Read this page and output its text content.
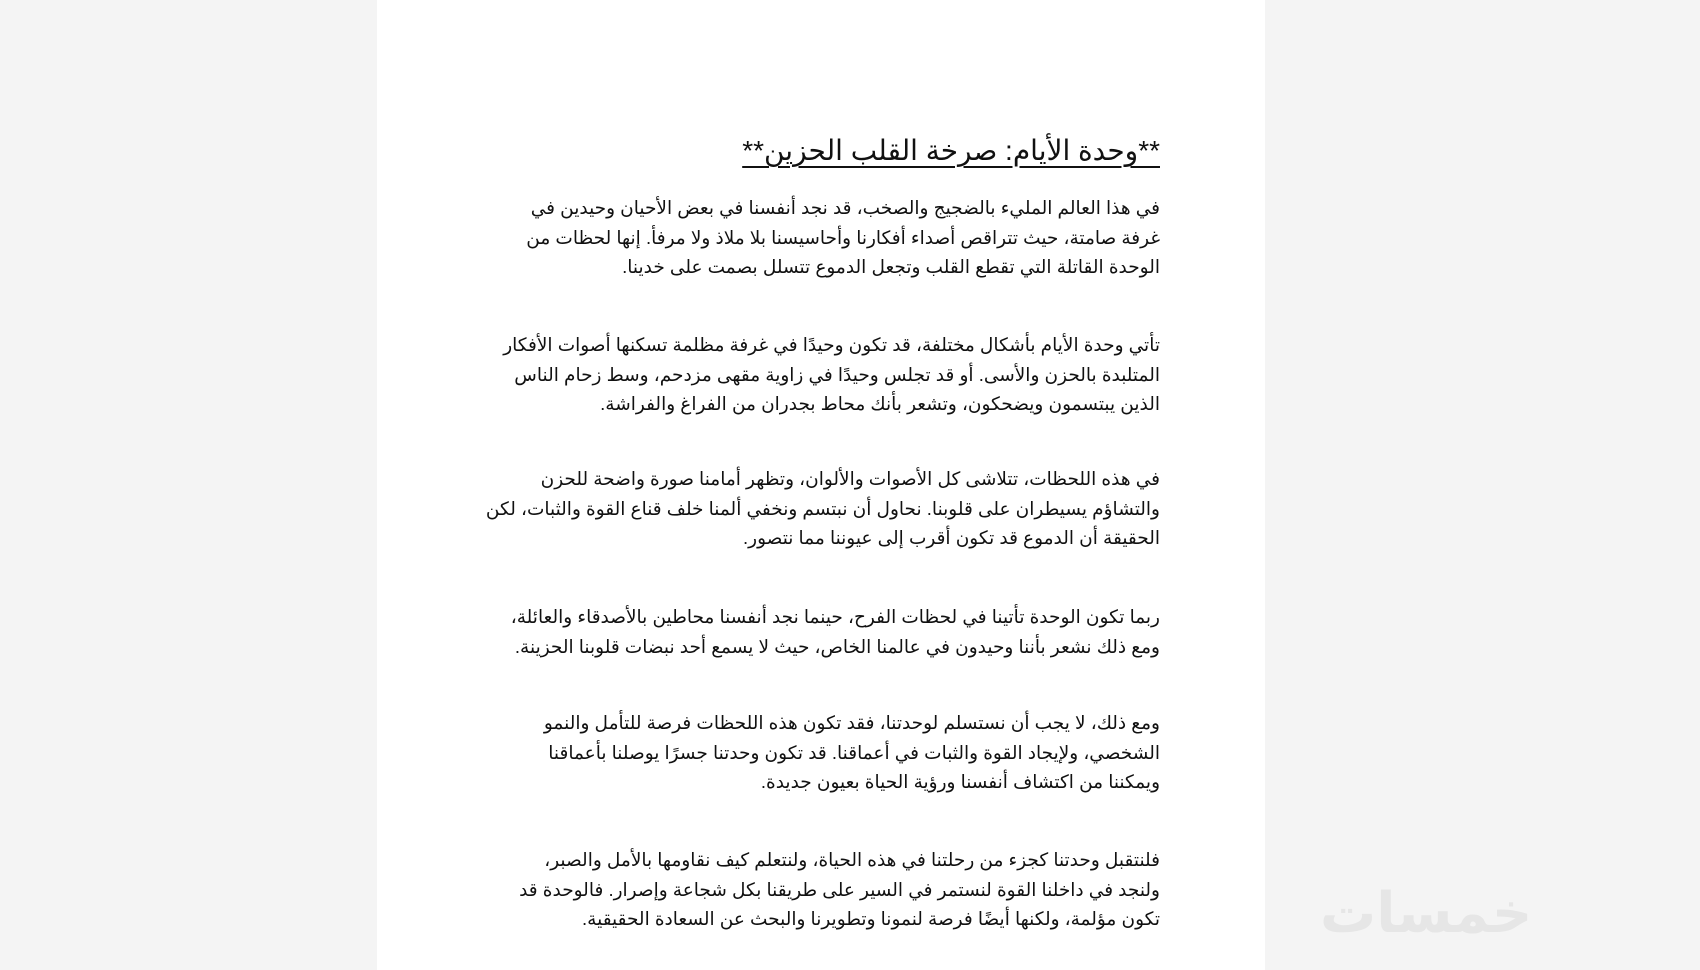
**وحدة الأيام: صرخة القلب الحزين**
في هذا العالم المليء بالضجيج والصخب، قد نجد أنفسنا في بعض الأحيان وحيدين في
غرفة صامتة، حيث تتراقص أصداء أفكارنا وأحاسيسنا بلا ملاذ ولا مرفأ. إنها لحظات من
الوحدة القاتلة التي تقطع القلب وتجعل الدموع تتسلل بصمت على خدينا.
تأتي وحدة الأيام بأشكال مختلفة، قد تكون وحيدًا في غرفة مظلمة تسكنها أصوات الأفكار
المتلبدة بالحزن والأسى. أو قد تجلس وحيدًا في زاوية مقهى مزدحم، وسط زحام الناس
الذين يبتسمون ويضحكون، وتشعر بأنك محاط بجدران من الفراغ والفراشة.
في هذه اللحظات، تتلاشى كل الأصوات والألوان، وتظهر أمامنا صورة واضحة للحزن
والتشاؤم يسيطران على قلوبنا. نحاول أن نبتسم ونخفي ألمنا خلف قناع القوة والثبات، لكن
الحقيقة أن الدموع قد تكون أقرب إلى عيوننا مما نتصور.
ربما تكون الوحدة تأتينا في لحظات الفرح، حينما نجد أنفسنا محاطين بالأصدقاء والعائلة،
ومع ذلك نشعر بأننا وحيدون في عالمنا الخاص، حيث لا يسمع أحد نبضات قلوبنا الحزينة.
ومع ذلك، لا يجب أن نستسلم لوحدتنا، فقد تكون هذه اللحظات فرصة للتأمل والنمو
الشخصي، ولإيجاد القوة والثبات في أعماقنا. قد تكون وحدتنا جسرًا يوصلنا بأعماقنا
ويمكننا من اكتشاف أنفسنا ورؤية الحياة بعيون جديدة.
فلنتقبل وحدتنا كجزء من رحلتنا في هذه الحياة، ولنتعلم كيف نقاومها بالأمل والصبر،
ولنجد في داخلنا القوة لنستمر في السير على طريقنا بكل شجاعة وإصرار. فالوحدة قد
تكون مؤلمة، ولكنها أيضًا فرصة لنمونا وتطويرنا والبحث عن السعادة الحقيقية.	خمسات
